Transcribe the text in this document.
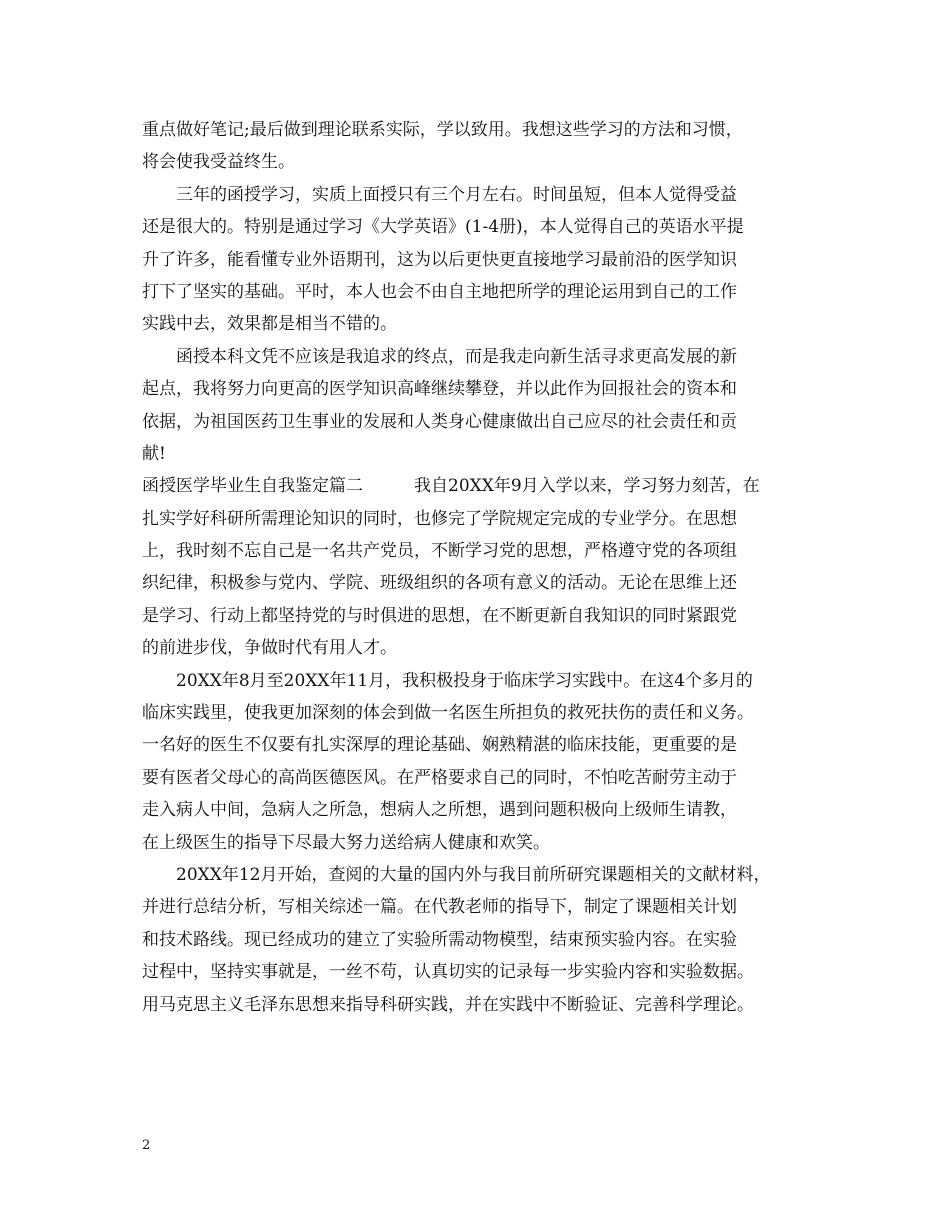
重点做好笔记;最后做到理论联系实际，学以致用。我想这些学习的方法和习惯，
将会使我受益终生。
　　三年的函授学习，实质上面授只有三个月左右。时间虽短，但本人觉得受益
还是很大的。特别是通过学习《大学英语》(1-4册)，本人觉得自己的英语水平提
升了许多，能看懂专业外语期刊，这为以后更快更直接地学习最前沿的医学知识
打下了坚实的基础。平时，本人也会不由自主地把所学的理论运用到自己的工作
实践中去，效果都是相当不错的。
　　函授本科文凭不应该是我追求的终点，而是我走向新生活寻求更高发展的新
起点，我将努力向更高的医学知识高峰继续攀登，并以此作为回报社会的资本和
依据，为祖国医药卫生事业的发展和人类身心健康做出自己应尽的社会责任和贡
献!
函授医学毕业生自我鉴定篇二　　　我自20XX年9月入学以来，学习努力刻苦，在
扎实学好科研所需理论知识的同时，也修完了学院规定完成的专业学分。在思想
上，我时刻不忘自己是一名共产党员，不断学习党的思想，严格遵守党的各项组
织纪律，积极参与党内、学院、班级组织的各项有意义的活动。无论在思维上还
是学习、行动上都坚持党的与时俱进的思想，在不断更新自我知识的同时紧跟党
的前进步伐，争做时代有用人才。
　　20XX年8月至20XX年11月，我积极投身于临床学习实践中。在这4个多月的
临床实践里，使我更加深刻的体会到做一名医生所担负的救死扶伤的责任和义务。
一名好的医生不仅要有扎实深厚的理论基础、娴熟精湛的临床技能，更重要的是
要有医者父母心的高尚医德医风。在严格要求自己的同时，不怕吃苦耐劳主动于
走入病人中间，急病人之所急，想病人之所想，遇到问题积极向上级师生请教，
在上级医生的指导下尽最大努力送给病人健康和欢笑。
　　20XX年12月开始，查阅的大量的国内外与我目前所研究课题相关的文献材料，
并进行总结分析，写相关综述一篇。在代教老师的指导下，制定了课题相关计划
和技术路线。现已经成功的建立了实验所需动物模型，结束预实验内容。在实验
过程中，坚持实事就是，一丝不苟，认真切实的记录每一步实验内容和实验数据。
用马克思主义毛泽东思想来指导科研实践，并在实践中不断验证、完善科学理论。
2
